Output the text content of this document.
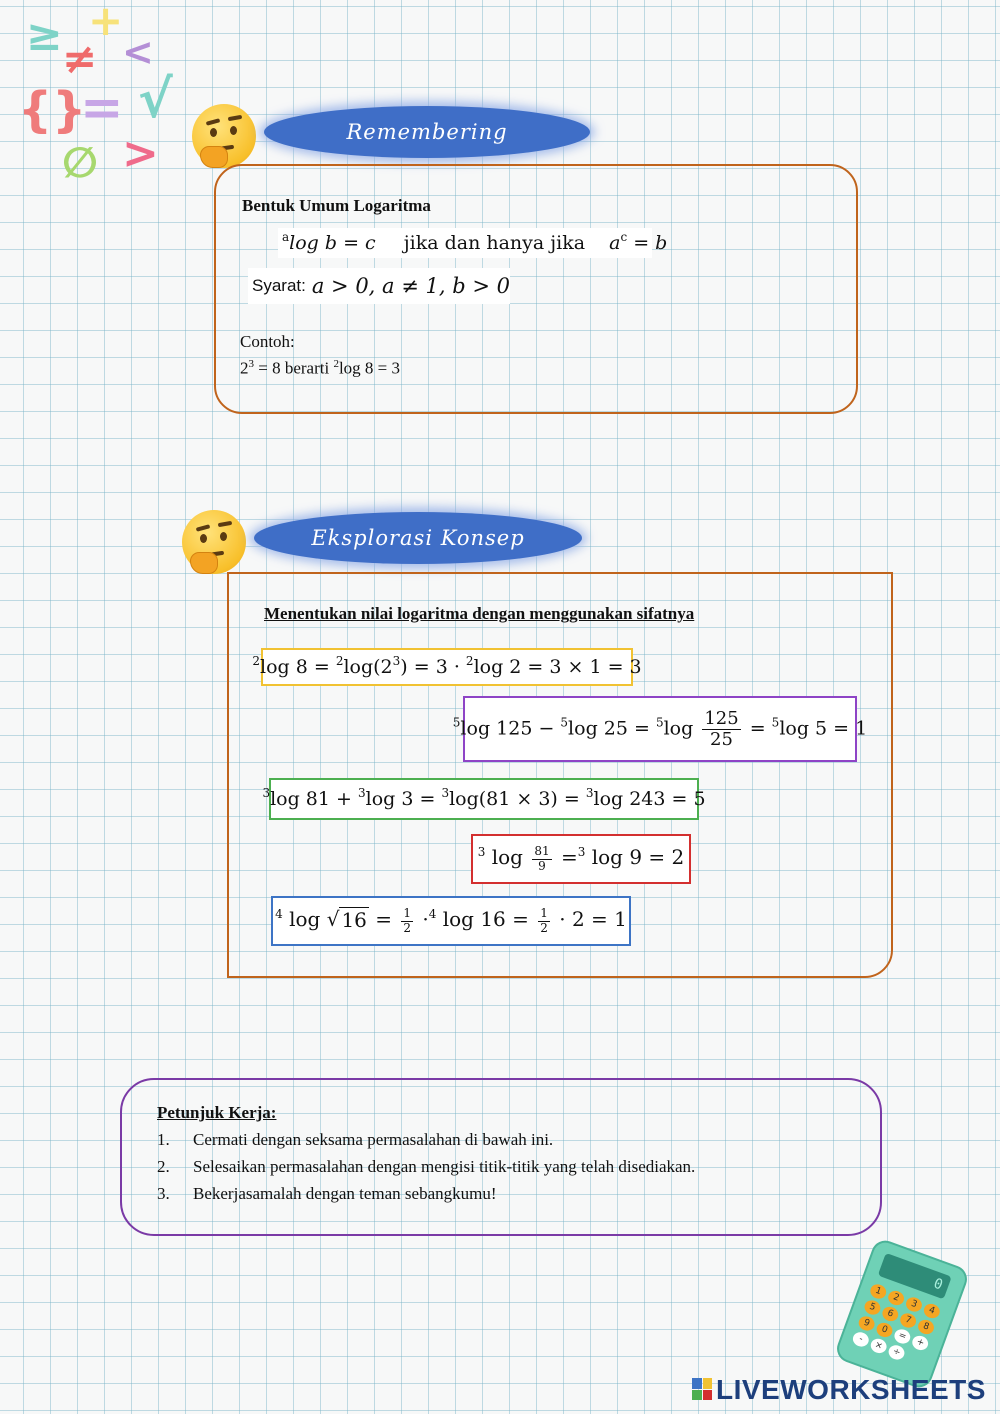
≥ +
≠ <
{}
= √
∅ >	Remembering
Bentuk Umum Logaritma
$^a$log b = c jika dan hanya jika $a^c = b$
Syarat: a > 0, a ≠ 1, b > 0
Contoh:
$2^3 = 8$ berarti $^2$log 8 = 3
Eksplorasi Konsep
Menentukan nilai logaritma dengan menggunakan sifatnya
$^2$log $8 = ^2\log(2^3) = 3 \cdot ^2\log$ 2 = 3 × 1 = 3
$^5$log 125 − $^5$log $25 = ^5\log \frac{125}{25} = ^5\log$ 5 = 1
$^3$log 81 + $^3$log 3 = $^3$log(81 × 3) = $^3$log 243 = 5
$^3$ $\log \frac{81}{9} =^3$ log 9 = 2
$^4$ log √ $16 = \frac{1}{2} \cdot^4$ $\log 16 = \frac{1}{2} \cdot 2 = 1$
Petunjuk Kerja:
1. Cermati dengan seksama permasalahan di bawah ini.
2. Selesaikan permasalahan dengan mengisi titik-titik yang telah disediakan.
3. Bekerjasamalah dengan teman sebangkumu!
0
1
2
3
4
5
6
7
8
9
0
=
+
-
×
÷
LIVEWORKSHEETS
